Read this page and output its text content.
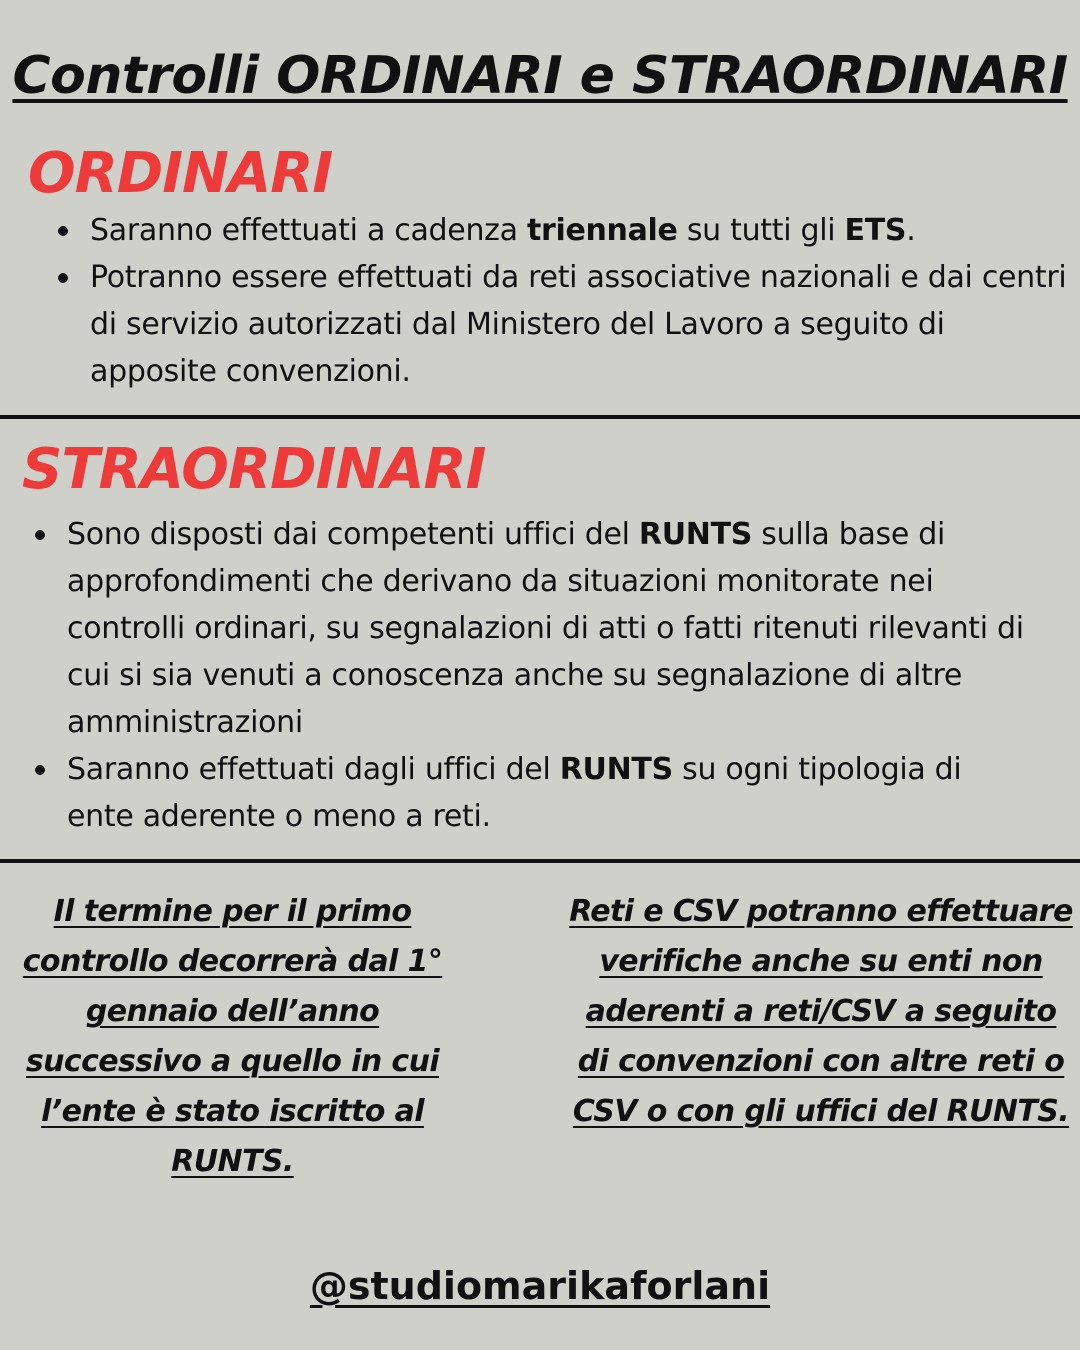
Controlli ORDINARI e STRAORDINARI
ORDINARI
Saranno effettuati a cadenza triennale su tutti gli ETS.
Potranno essere effettuati da reti associative nazionali e dai centri di servizio autorizzati dal Ministero del Lavoro a seguito di apposite convenzioni.
STRAORDINARI
Sono disposti dai competenti uffici del RUNTS sulla base di approfondimenti che derivano da situazioni monitorate nei controlli ordinari, su segnalazioni di atti o fatti ritenuti rilevanti di cui si sia venuti a conoscenza anche su segnalazione di altre amministrazioni
Saranno effettuati dagli uffici del RUNTS su ogni tipologia di ente aderente o meno a reti.

Il termine per il primo controllo decorrerà dal 1° gennaio dell’anno successivo a quello in cui l’ente è stato iscritto al RUNTS.

Reti e CSV potranno effettuare verifiche anche su enti non aderenti a reti/CSV a seguito di convenzioni con altre reti o CSV o con gli uffici del RUNTS.

@studiomarikaforlani
